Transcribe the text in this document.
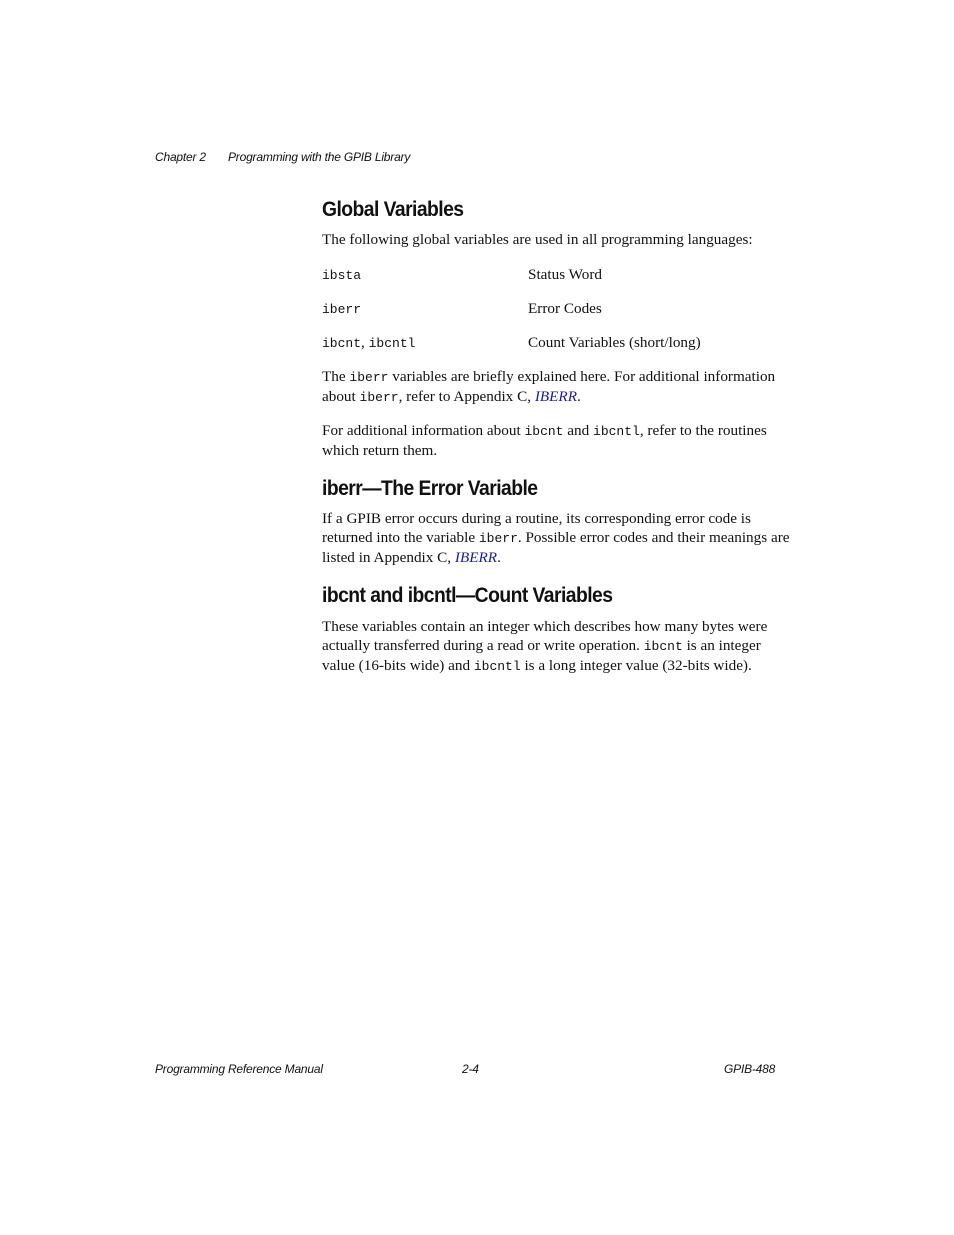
Chapter 2 Programming with the GPIB Library
Global Variables

The following global variables are used in all programming languages:

ibsta	Status Word
iberr	Error Codes
ibcnt, ibcntl	Count Variables (short/long)

The iberr variables are briefly explained here. For additional information about iberr, refer to Appendix C, IBERR.

For additional information about ibcnt and ibcntl, refer to the routines which return them.

iberr—The Error Variable

If a GPIB error occurs during a routine, its corresponding error code is returned into the variable iberr. Possible error codes and their meanings are listed in Appendix C, IBERR.

ibcnt and ibcntl—Count Variables

These variables contain an integer which describes how many bytes were actually transferred during a read or write operation. ibcnt is an integer value (16-bits wide) and ibcntl is a long integer value (32-bits wide).

Programming Reference Manual	2-4	GPIB-488
